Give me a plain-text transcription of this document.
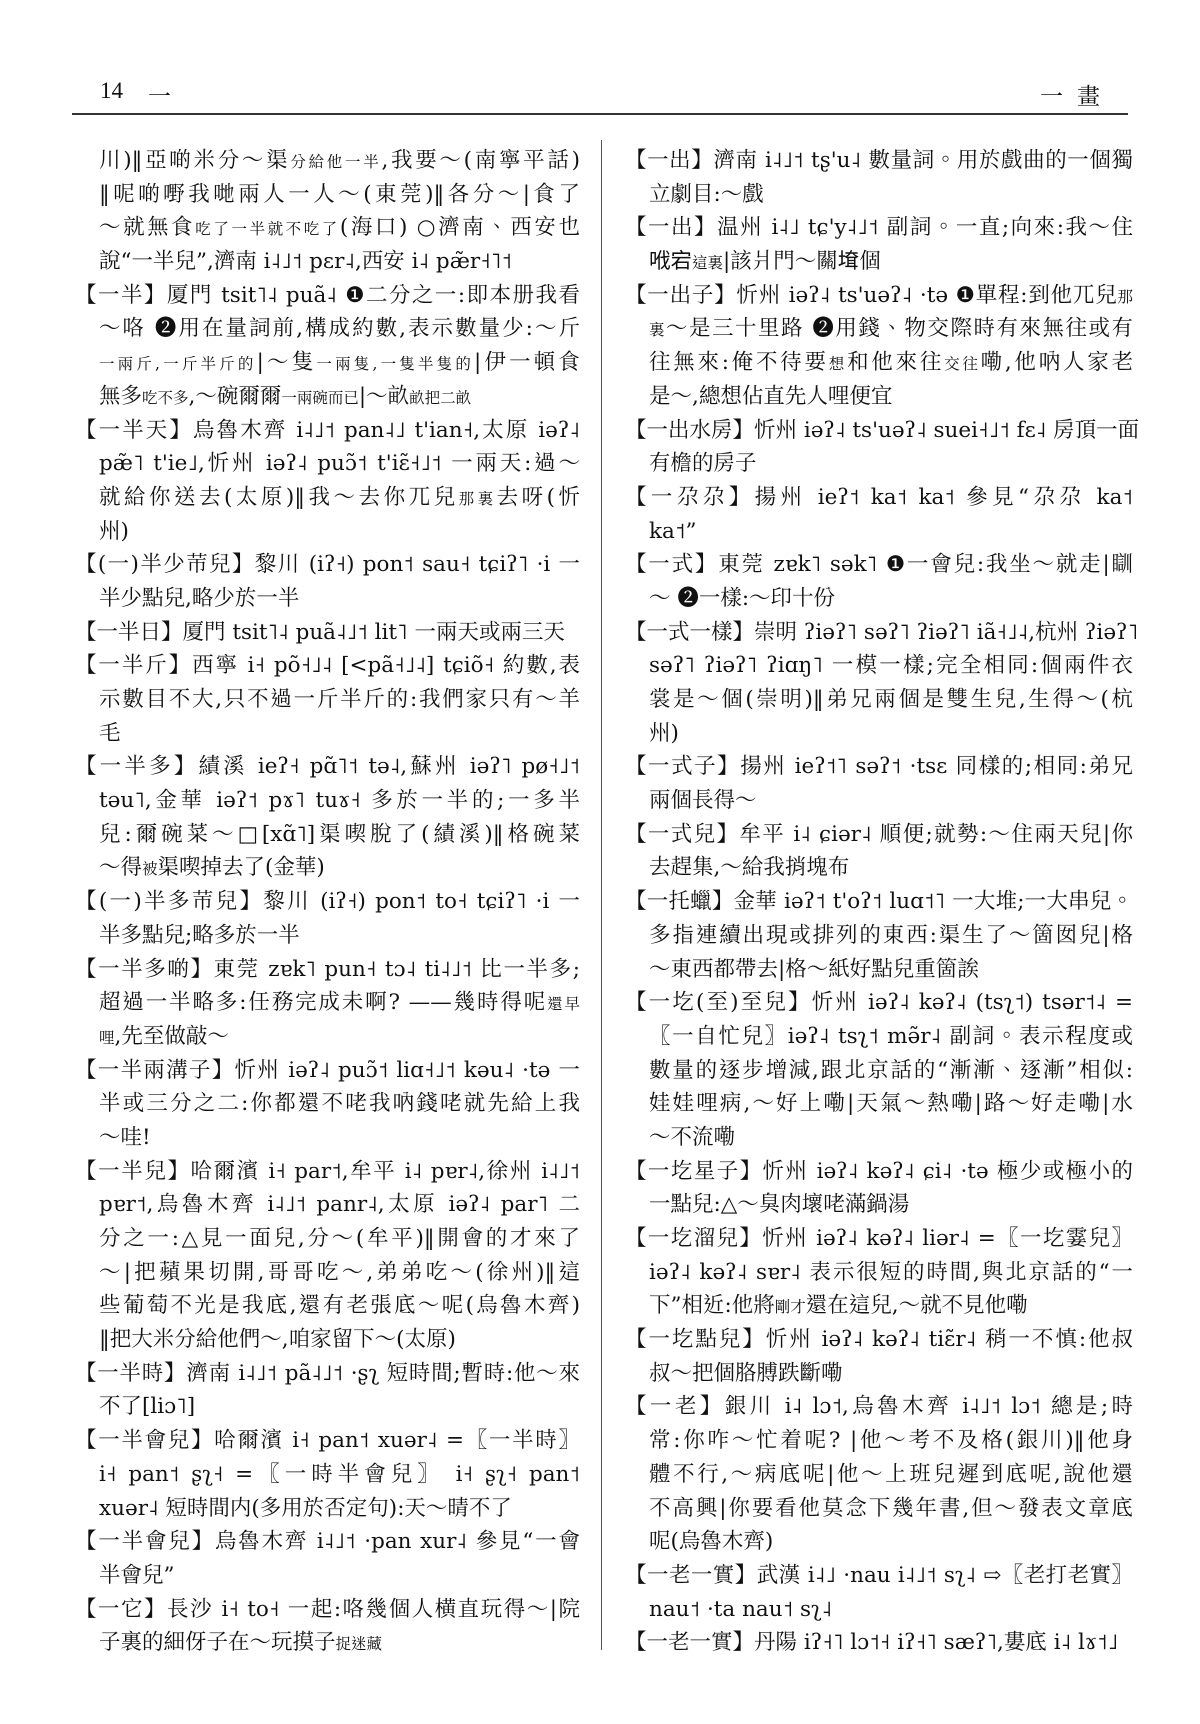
14 一	一畫
川)‖亞啲米分～渠分給他一半,我要～(南寧平話)
‖呢啲嘢我哋兩人一人～(東莞)‖各分～|食了
～就無食吃了一半就不吃了(海口) ○濟南、西安也
說“一半兒”,濟南 i˨˩˦ pɛr˨,西安 i˨ pæ̃r˧˥˦
【一半】厦門 tsit˥˨ puã˨ ❶二分之一:即本册我看
～咯 ❷用在量詞前,構成約數,表示數量少:～斤
一兩斤,一斤半斤的|～隻一兩隻,一隻半隻的|伊一頓食
無多吃不多,～碗爾爾一兩碗而已|～畝畝把二畝
【一半天】烏魯木齊 i˨˩˦ pan˨˩ t'ian˧,太原 iəʔ˨
pæ̃˥ t'ie˩,忻州 iəʔ˨ puɔ̃˦ t'iɛ̃˧˩˦ 一兩天:過～
就給你送去(太原)‖我～去你兀兒那裏去呀(忻
州)
【(一)半少䒥兒】黎川 (iʔ˧) pon˦ sau˧ tɕiʔ˥ ·i 一
半少點兒,略少於一半
【一半日】厦門 tsit˥˨ puã˨˩˦ lit˥ 一兩天或兩三天
【一半斤】西寧 i˧ põ˧˩˨ [<pã˧˩˨] tɕiõ˧ 約數,表
示數目不大,只不過一斤半斤的:我們家只有～羊
毛
【一半多】績溪 ieʔ˧ pɑ̃˥˦ tə˨,蘇州 iəʔ˥ pø˧˩˦
təu˥,金華 iəʔ˦ pɤ˥ tuɤ˧ 多於一半的;一多半
兒:爾碗菜～□[xɑ̃˥]渠喫脫了(績溪)‖格碗菜
～得被渠喫掉去了(金華)
【(一)半多䒥兒】黎川 (iʔ˧) pon˦ to˧ tɕiʔ˥ ·i 一
半多點兒;略多於一半
【一半多啲】東莞 zɐk˥ pun˧ tɔ˨ ti˨˩˦ 比一半多;
超過一半略多:任務完成未啊? ——幾時得呢還早
哩,先至做敲～
【一半兩溝子】忻州 iəʔ˨ puɔ̃˦ liɑ˧˩˦ kəu˨ ·tə 一
半或三分之二:你都還不咾我吶錢咾就先給上我
～哇!
【一半兒】哈爾濱 i˧ par˦,牟平 i˨ pɐr˨,徐州 i˨˩˦
pɐr˦,烏魯木齊 i˨˩˦ panr˨,太原 iəʔ˨ par˥ 二
分之一:△見一面兒,分～(牟平)‖開會的才來了
～|把蘋果切開,哥哥吃～,弟弟吃～(徐州)‖這
些葡萄不光是我底,還有老張底～呢(烏魯木齊)
‖把大米分給他們～,咱家留下～(太原)
【一半時】濟南 i˨˩˦ pã˨˩˦ ·ʂʅ 短時間;暫時:他～來
不了[liɔ˥]
【一半會兒】哈爾濱 i˧ pan˦ xuər˨ =〖一半時〗
i˧ pan˦ ʂʅ˧ =〖一時半會兒〗 i˧ ʂʅ˧ pan˦
xuər˨ 短時間内(多用於否定句):天～晴不了
【一半會兒】烏魯木齊 i˨˩˦ ·pan xur˨ 參見“一會
半會兒”
【一它】長沙 i˧ to˧ 一起:咯幾個人横直玩得～|院
子裏的細伢子在～玩摸子捉迷藏
【一出】濟南 i˨˩˦ tʂ'u˨ 數量詞。用於戲曲的一個獨
立劇目:～戲
【一出】温州 i˨˩ tɕ'y˨˩˦ 副詞。一直;向來:我～住
𠲎宕這裏|該爿門～關𡍲個
【一出子】忻州 iəʔ˨ ts'uəʔ˨ ·tə ❶單程:到他兀兒那
裏～是三十里路 ❷用錢、物交際時有來無往或有
往無來:俺不待要想和他來往交往嘞,他吶人家老
是～,總想佔直先人哩便宜
【一出水房】忻州 iəʔ˨ ts'uəʔ˨ suei˧˩˦ fɛ˨ 房頂一面
有檐的房子
【一尕尕】揚州 ieʔ˦ ka˦ ka˦ 參見“尕尕 ka˦
ka˦”
【一式】東莞 zɐk˥ sək˥ ❶一會兒:我坐～就走|瞓
～ ❷一樣:～印十份
【一式一樣】崇明 ʔiəʔ˥ səʔ˥ ʔiəʔ˥ iã˧˩˨,杭州 ʔiəʔ˥
səʔ˥ ʔiəʔ˥ ʔiɑŋ˥ 一模一樣;完全相同:個兩件衣
裳是～個(崇明)‖弟兄兩個是雙生兒,生得～(杭
州)
【一式子】揚州 ieʔ˦˥ səʔ˦ ·tsɛ 同樣的;相同:弟兄
兩個長得～
【一式兒】牟平 i˨ ɕiər˨ 順便;就勢:～住兩天兒|你
去趕集,～給我捎塊布
【一托蠟】金華 iəʔ˦ t'oʔ˦ luɑ˦˥ 一大堆;一大串兒。
多指連續出現或排列的東西:渠生了～箇囡兒|格
～東西都帶去|格～紙好點兒重箇誒
【一圪(至)至兒】忻州 iəʔ˨ kəʔ˨ (tsʅ˦) tsər˦˨ =
〖一自忙兒〗iəʔ˨ tsʅ˦ mə̃r˨ 副詞。表示程度或
數量的逐步增減,跟北京話的“漸漸、逐漸”相似:
娃娃哩病,～好上嘞|天氣～熱嘞|路～好走嘞|水
～不流嘞
【一圪星子】忻州 iəʔ˨ kəʔ˨ ɕi˨ ·tə 極少或極小的
一點兒:△～臭肉壞咾滿鍋湯
【一圪溜兒】忻州 iəʔ˨ kəʔ˨ liər˨ =〖一圪霎兒〗
iəʔ˨ kəʔ˨ sɐr˨ 表示很短的時間,與北京話的“一
下”相近:他將剛才還在這兒,～就不見他嘞
【一圪點兒】忻州 iəʔ˨ kəʔ˨ tiɛ̃r˨ 稍一不慎:他叔
叔～把個胳膊跌斷嘞
【一老】銀川 i˨ lɔ˦,烏魯木齊 i˨˩˦ lɔ˦ 總是;時
常:你咋～忙着呢? |他～考不及格(銀川)‖他身
體不行,～病底呢|他～上班兒遲到底呢,說他還
不高興|你要看他莫念下幾年書,但～發表文章底
呢(烏魯木齊)
【一老一實】武漢 i˨˩ ·nau i˨˩˦ sʅ˨ ⇨〖老打老實〗
nau˦ ·ta nau˦ sʅ˨
【一老一實】丹陽 iʔ˧˥ lɔ˦˧ iʔ˧˥ sæʔ˥,婁底 i˨ lɤ˦˩
